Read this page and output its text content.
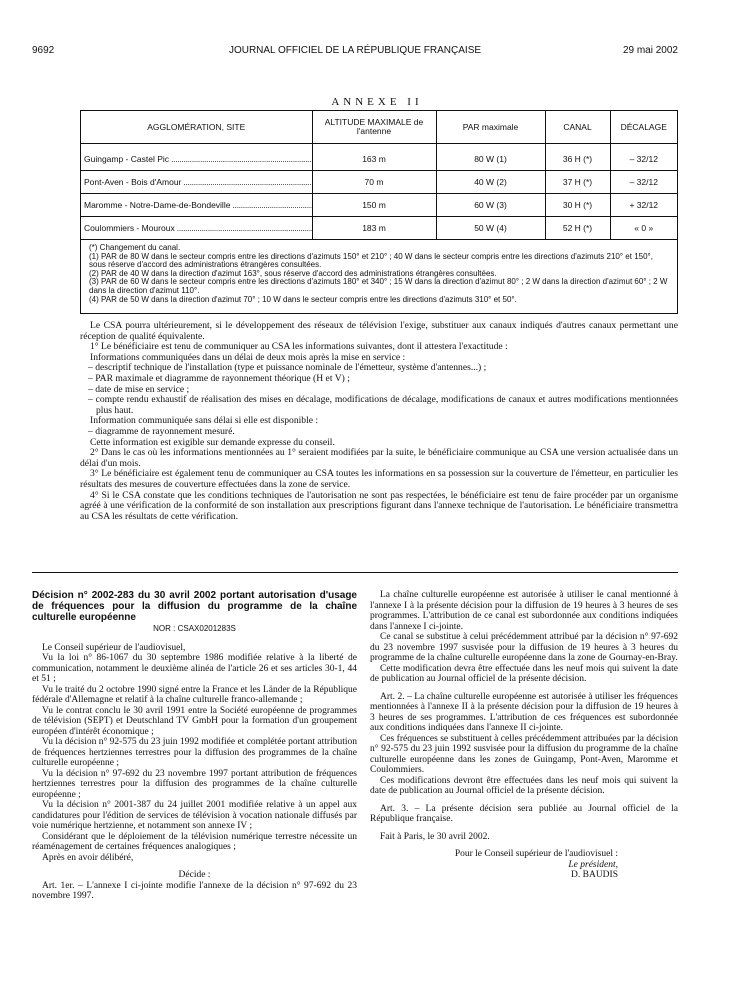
9692	JOURNAL OFFICIEL DE LA RÉPUBLIQUE FRANÇAISE	29 mai 2002
ANNEXE II
AGGLOMÉRATION, SITE	ALTITUDE MAXIMALE de l'antenne	PAR maximale	CANAL	DÉCALAGE

Guingamp - Castel Pic .....	163 m	80 W (1)	36 H (*)	– 32/12
Pont-Aven - Bois d'Amour .....	70 m	40 W (2)	37 H (*)	– 32/12
Maromme - Notre-Dame-de-Bondeville .....	150 m	60 W (3)	30 H (*)	+ 32/12
Coulommiers - Mouroux .....	183 m	50 W (4)	52 H (*)	« 0 »
(*) Changement du canal.
(1) PAR de 80 W dans le secteur compris entre les directions d'azimuts 150° et 210° ; 40 W dans le secteur compris entre les directions d'azimuts 210° et 150°, sous réserve d'accord des administrations étrangères consultées.
(2) PAR de 40 W dans la direction d'azimut 163°, sous réserve d'accord des administrations étrangères consultées.
(3) PAR de 60 W dans le secteur compris entre les directions d'azimuts 180° et 340° ; 15 W dans la direction d'azimut 80° ; 2 W dans la direction d'azimut 60° ; 2 W dans la direction d'azimut 110°.
(4) PAR de 50 W dans la direction d'azimut 70° ; 10 W dans le secteur compris entre les directions d'azimuts 310° et 50°.

Le CSA pourra ultérieurement, si le développement des réseaux de télévision l'exige, substituer aux canaux indiqués d'autres canaux permettant une réception de qualité équivalente.

1° Le bénéficiaire est tenu de communiquer au CSA les informations suivantes, dont il attestera l'exactitude :

Informations communiquées dans un délai de deux mois après la mise en service :

– descriptif technique de l'installation (type et puissance nominale de l'émetteur, système d'antennes...) ;

– PAR maximale et diagramme de rayonnement théorique (H et V) ;

– date de mise en service ;

– compte rendu exhaustif de réalisation des mises en décalage, modifications de décalage, modifications de canaux et autres modifications mentionnées plus haut.

Information communiquée sans délai si elle est disponible :

– diagramme de rayonnement mesuré.

Cette information est exigible sur demande expresse du conseil.

2° Dans le cas où les informations mentionnées au 1° seraient modifiées par la suite, le bénéficiaire communique au CSA une version actualisée dans un délai d'un mois.

3° Le bénéficiaire est également tenu de communiquer au CSA toutes les informations en sa possession sur la couverture de l'émetteur, en particulier les résultats des mesures de couverture effectuées dans la zone de service.

4° Si le CSA constate que les conditions techniques de l'autorisation ne sont pas respectées, le bénéficiaire est tenu de faire procéder par un organisme agréé à une vérification de la conformité de son installation aux prescriptions figurant dans l'annexe technique de l'autorisation. Le bénéficiaire transmettra au CSA les résultats de cette vérification.

Décision n° 2002-283 du 30 avril 2002 portant autorisation d'usage de fréquences pour la diffusion du programme de la chaîne culturelle européenne
NOR : CSAX0201283S

Le Conseil supérieur de l'audiovisuel,

Vu la loi n° 86-1067 du 30 septembre 1986 modifiée relative à la liberté de communication, notamment le deuxième alinéa de l'article 26 et ses articles 30-1, 44 et 51 ;

Vu le traité du 2 octobre 1990 signé entre la France et les Länder de la République fédérale d'Allemagne et relatif à la chaîne culturelle franco-allemande ;

Vu le contrat conclu le 30 avril 1991 entre la Société européenne de programmes de télévision (SEPT) et Deutschland TV GmbH pour la formation d'un groupement européen d'intérêt économique ;

Vu la décision n° 92-575 du 23 juin 1992 modifiée et complétée portant attribution de fréquences hertziennes terrestres pour la diffusion des programmes de la chaîne culturelle européenne ;

Vu la décision n° 97-692 du 23 novembre 1997 portant attribution de fréquences hertziennes terrestres pour la diffusion des programmes de la chaîne culturelle européenne ;

Vu la décision n° 2001-387 du 24 juillet 2001 modifiée relative à un appel aux candidatures pour l'édition de services de télévision à vocation nationale diffusés par voie numérique hertzienne, et notamment son annexe IV ;

Considérant que le déploiement de la télévision numérique terrestre nécessite un réaménagement de certaines fréquences analogiques ;

Après en avoir délibéré,

Décide :

Art. 1er. – L'annexe I ci-jointe modifie l'annexe de la décision n° 97-692 du 23 novembre 1997.

La chaîne culturelle européenne est autorisée à utiliser le canal mentionné à l'annexe I à la présente décision pour la diffusion de 19 heures à 3 heures de ses programmes. L'attribution de ce canal est subordonnée aux conditions indiquées dans l'annexe I ci-jointe.

Ce canal se substitue à celui précédemment attribué par la décision n° 97-692 du 23 novembre 1997 susvisée pour la diffusion de 19 heures à 3 heures du programme de la chaîne culturelle européenne dans la zone de Gournay-en-Bray.

Cette modification devra être effectuée dans les neuf mois qui suivent la date de publication au Journal officiel de la présente décision.

Art. 2. – La chaîne culturelle européenne est autorisée à utiliser les fréquences mentionnées à l'annexe II à la présente décision pour la diffusion de 19 heures à 3 heures de ses programmes. L'attribution de ces fréquences est subordonnée aux conditions indiquées dans l'annexe II ci-jointe.

Ces fréquences se substituent à celles précédemment attribuées par la décision n° 92-575 du 23 juin 1992 susvisée pour la diffusion du programme de la chaîne culturelle européenne dans les zones de Guingamp, Pont-Aven, Maromme et Coulommiers.

Ces modifications devront être effectuées dans les neuf mois qui suivent la date de publication au Journal officiel de la présente décision.

Art. 3. – La présente décision sera publiée au Journal officiel de la République française.

Fait à Paris, le 30 avril 2002.

Pour le Conseil supérieur de l'audiovisuel :

Le président,

D. BAUDIS
